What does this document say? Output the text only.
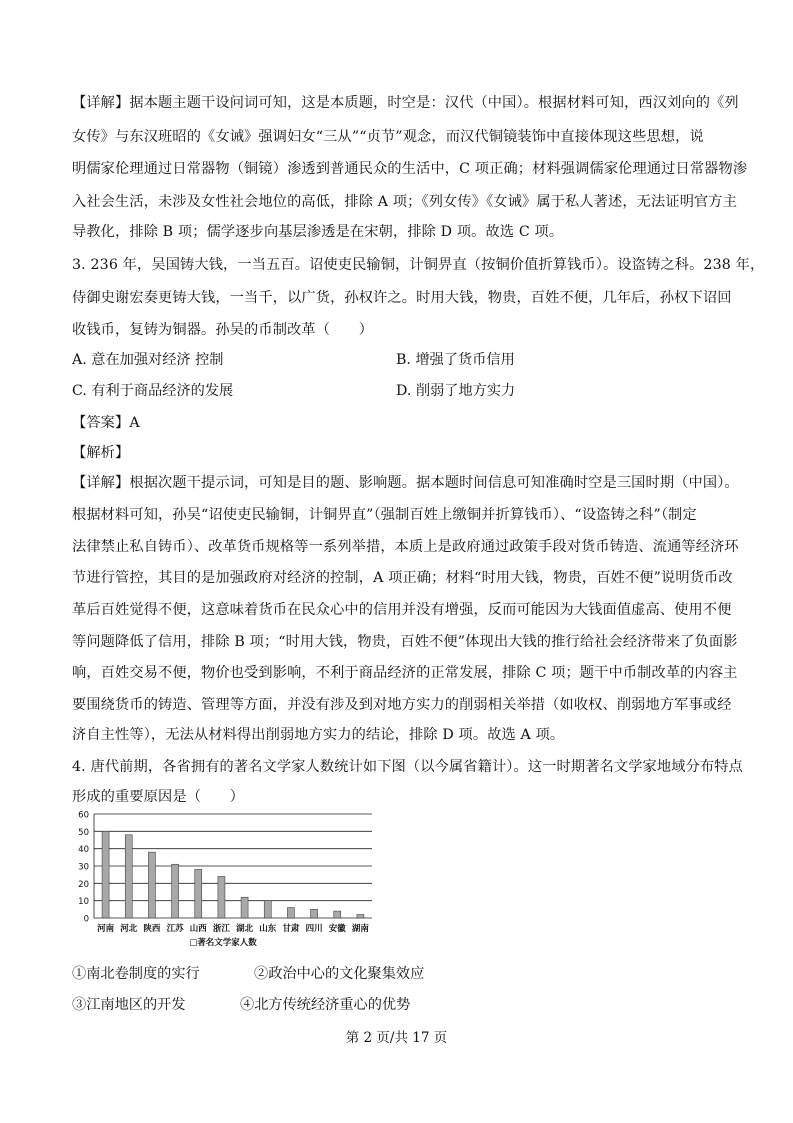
【详解】据本题主题干设问词可知，这是本质题，时空是：汉代（中国）。根据材料可知，西汉刘向的《列
女传》与东汉班昭的《女诫》强调妇女“三从”“贞节”观念，而汉代铜镜装饰中直接体现这些思想，说
明儒家伦理通过日常器物（铜镜）渗透到普通民众的生活中，C 项正确；材料强调儒家伦理通过日常器物渗
入社会生活，未涉及女性社会地位的高低，排除 A 项；《列女传》《女诫》属于私人著述，无法证明官方主
导教化，排除 B 项；儒学逐步向基层渗透是在宋朝，排除 D 项。故选 C 项。
3. 236 年，吴国铸大钱，一当五百。诏使吏民输铜，计铜畀直（按铜价值折算钱币）。设盗铸之科。238 年，
侍御史谢宏奏更铸大钱，一当千，以广货，孙权许之。时用大钱，物贵，百姓不便，几年后，孙权下诏回
收钱币，复铸为铜器。孙吴的币制改革（　　）
A. 意在加强对经济 控制	B. 增强了货币信用
C. 有利于商品经济的发展	D. 削弱了地方实力
【答案】A
【解析】
【详解】根据次题干提示词，可知是目的题、影响题。据本题时间信息可知准确时空是三国时期（中国）。
根据材料可知，孙吴“诏使吏民输铜，计铜畀直”（强制百姓上缴铜并折算钱币）、“设盗铸之科”（制定
法律禁止私自铸币）、改革货币规格等一系列举措，本质上是政府通过政策手段对货币铸造、流通等经济环
节进行管控，其目的是加强政府对经济的控制，A 项正确；材料“时用大钱，物贵，百姓不便”说明货币改
革后百姓觉得不便，这意味着货币在民众心中的信用并没有增强，反而可能因为大钱面值虚高、使用不便
等问题降低了信用，排除 B 项；“时用大钱，物贵，百姓不便”体现出大钱的推行给社会经济带来了负面影
响，百姓交易不便，物价也受到影响，不利于商品经济的正常发展，排除 C 项；题干中币制改革的内容主
要围绕货币的铸造、管理等方面，并没有涉及到对地方实力的削弱相关举措（如收权、削弱地方军事或经
济自主性等），无法从材料得出削弱地方实力的结论，排除 D 项。故选 A 项。
4. 唐代前期，各省拥有的著名文学家人数统计如下图（以今属省籍计）。这一时期著名文学家地域分布特点
形成的重要原因是（　　）
0
10
20
30
40
50
60
河南 河北 陕西 江苏 山西 浙江 湖北 山东 甘肃 四川 安徽 湖南
□著名文学家人数
①南北卷制度的实行	②政治中心的文化聚集效应
③江南地区的开发	④北方传统经济重心的优势
第 2 页/共 17 页
